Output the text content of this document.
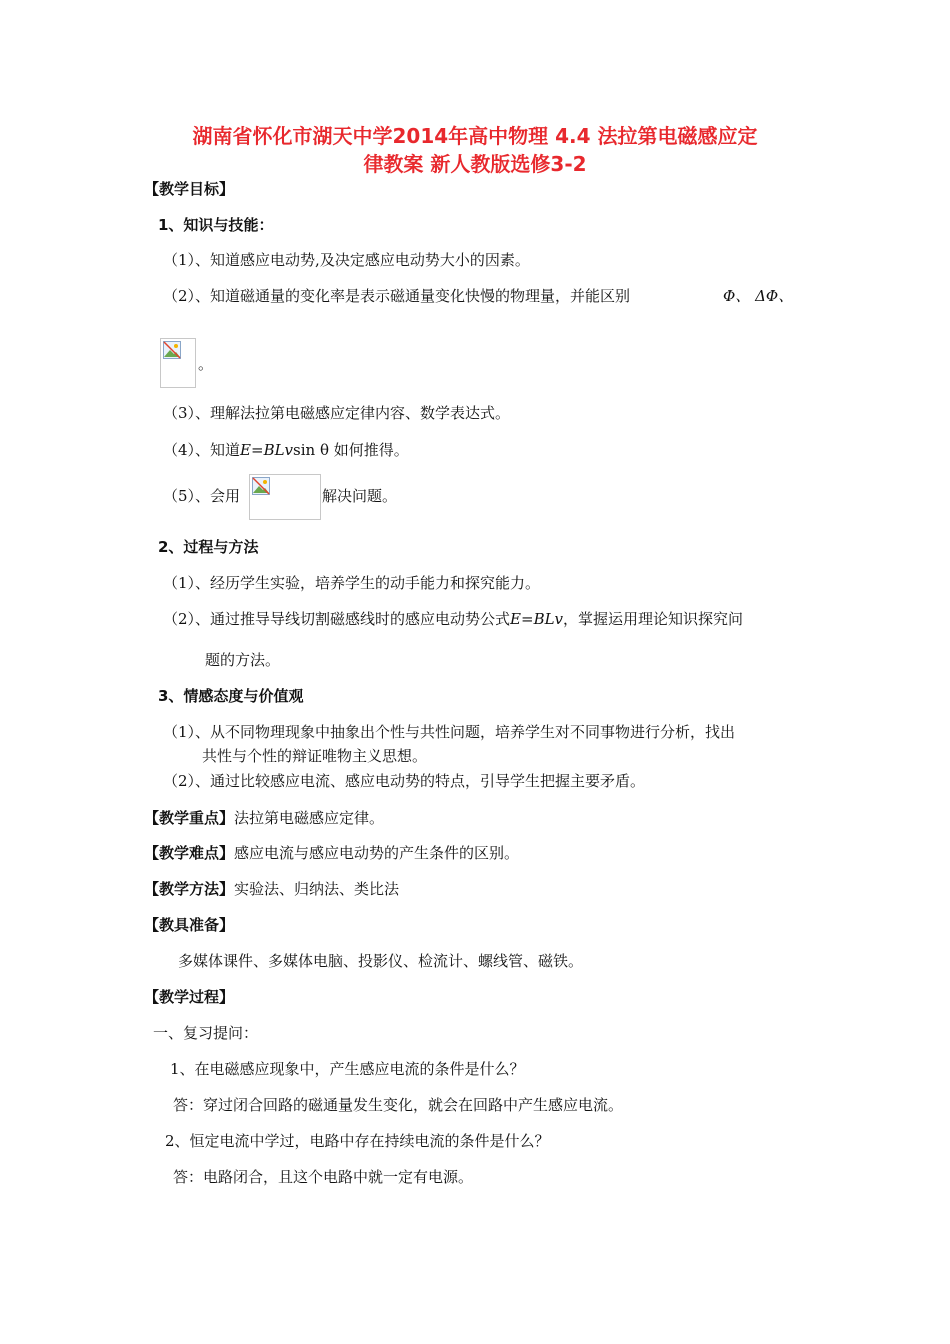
湖南省怀化市湖天中学2014年高中物理 4.4 法拉第电磁感应定
律教案 新人教版选修3-2
【教学目标】
1、知识与技能：
（1）、知道感应电动势,及决定感应电动势大小的因素。
（2）、知道磁通量的变化率是表示磁通量变化快慢的物理量，并能区别	Φ、 ΔΦ、
。
（3）、理解法拉第电磁感应定律内容、数学表达式。
（4）、知道E=BLvsin θ 如何推得。
（5）、会用	解决问题。
2、过程与方法
（1）、经历学生实验，培养学生的动手能力和探究能力。
（2）、通过推导导线切割磁感线时的感应电动势公式E=BLv，掌握运用理论知识探究问
题的方法。
3、情感态度与价值观
（1）、从不同物理现象中抽象出个性与共性问题，培养学生对不同事物进行分析，找出
共性与个性的辩证唯物主义思想。
（2）、通过比较感应电流、感应电动势的特点，引导学生把握主要矛盾。
【教学重点】法拉第电磁感应定律。
【教学难点】感应电流与感应电动势的产生条件的区别。
【教学方法】实验法、归纳法、类比法
【教具准备】
多媒体课件、多媒体电脑、投影仪、检流计、螺线管、磁铁。
【教学过程】
一、复习提问：
1、在电磁感应现象中，产生感应电流的条件是什么？
答：穿过闭合回路的磁通量发生变化，就会在回路中产生感应电流。
2、恒定电流中学过，电路中存在持续电流的条件是什么？
答：电路闭合，且这个电路中就一定有电源。
